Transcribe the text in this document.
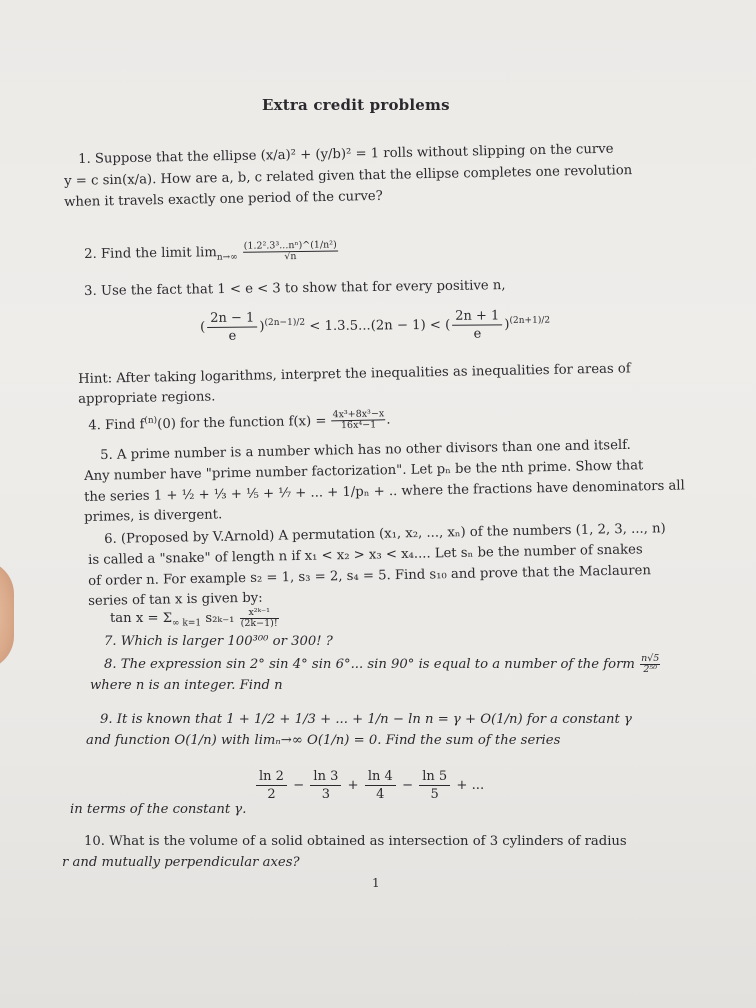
Extra credit problems
1. Suppose that the ellipse (x/a)² + (y/b)² = 1 rolls without slipping on the curve
y = c sin(x/a). How are a, b, c related given that the ellipse completes one revolution
when it travels exactly one period of the curve?
2. Find the limit $\lim_{n\to\infty} \frac{\text{(1.2².3³...nⁿ)\textasciicircum{}(1/n²)}}{√n}$
3. Use the fact that 1 < e < 3 to show that for every positive n,
( $\frac{2n - 1}{e} )^{(2n-1)/2} < 1.3.5...(2n - 1)$ < ( $\frac{2n + 1}{e} )^{(2n+1)/2}$
Hint: After taking logarithms, interpret the inequalities as inequalities for areas of
appropriate regions.
4. Find $f^{(n)}(0)$ for the function $f(x) = \frac{\text{4x³+8x³−x}}{\text{16x⁴−1}}$ .
5. A prime number is a number which has no other divisors than one and itself.
Any number have "prime number factorization". Let pₙ be the nth prime. Show that
the series 1 + ½ + ⅓ + ⅕ + ⅐ + ... + 1/pₙ + .. where the fractions have denominators all
primes, is divergent.
6. (Proposed by V.Arnold) A permutation (x₁, x₂, ..., xₙ) of the numbers (1, 2, 3, ..., n)
is called a "snake" of length n if x₁ < x₂ > x₃ < x₄.... Let sₙ be the number of snakes
of order n. For example s₂ = 1, s₃ = 2, s₄ = 5. Find s₁₀ and prove that the Maclauren
series of tan x is given by:
$\tan x = \Sigma_{\infty k=1}$ $s_{2k-1} \frac{\text{x²ᵏ⁻¹}}{(2k-1)!}$
7. Which is larger 100³⁰⁰ or 300! ?
8. The expression sin 2° sin 4° sin 6°... sin 90° is equal to a number of the form $\frac{n√5}{\text{2⁵⁰}}$
where n is an integer. Find n
9. It is known that 1 + 1/2 + 1/3 + ... + 1/n − ln n = γ + O(1/n) for a constant γ
and function O(1/n) with limₙ→∞ O(1/n) = 0. Find the sum of the series
$\frac{\ln 2}{2} - \frac{\ln 3}{3} + \frac{\ln 4}{4} - \frac{\ln 5}{5}$ + ...
in terms of the constant γ.
10. What is the volume of a solid obtained as intersection of 3 cylinders of radius
r and mutually perpendicular axes?
1
